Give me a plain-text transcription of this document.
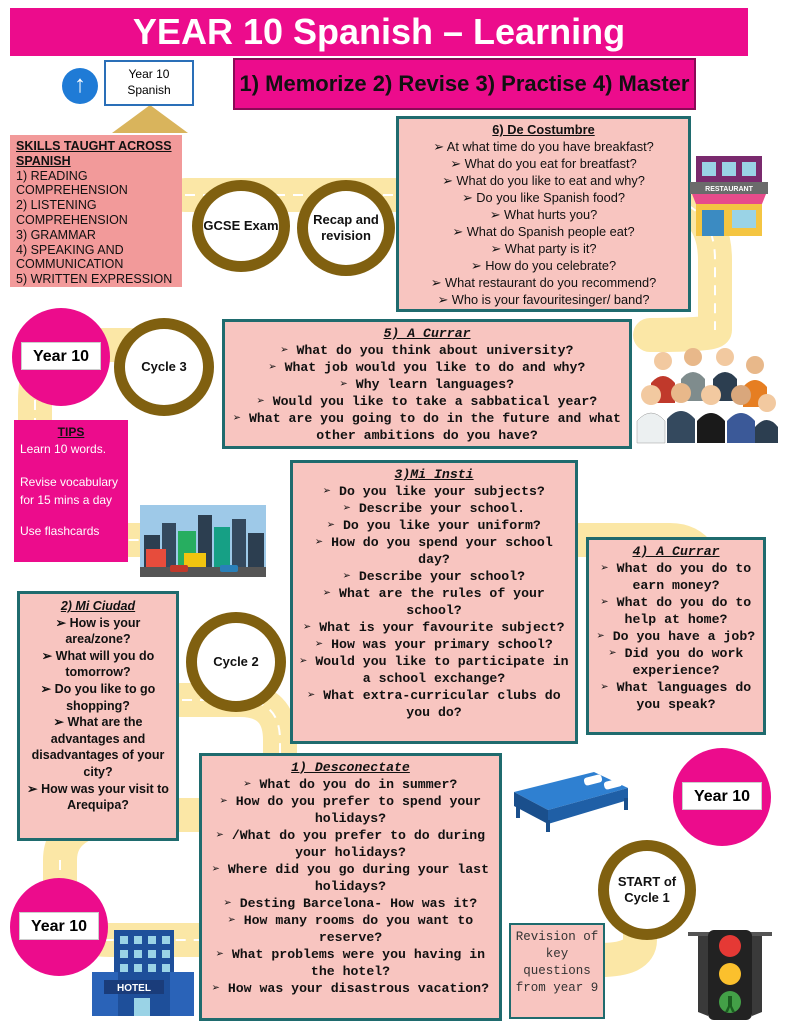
YEAR 10 Spanish – Learning
1) Memorize 2) Revise 3) Practise 4) Master
↑	Year 10
Spanish
SKILLS TAUGHT ACROSS SPANISH
1) READING COMPREHENSION
2) LISTENING COMPREHENSION
3) GRAMMAR
4) SPEAKING AND COMMUNICATION
5) WRITTEN EXPRESSION
GCSE Exam	Recap and revision
Cycle 3
Cycle 2
START of Cycle 1
Year 10
Year 10
Year 10
TIPS
Learn 10 words.
Revise vocabulary for 15 mins a day
Use flashcards
6) De Costumbre
➢ At what time do you have breakfast?
➢ What do you eat for breatfast?
➢ What do you like to eat and why?
➢ Do you like Spanish food?
➢ What hurts you?
➢ What do Spanish people eat?
➢ What party is it?
➢ How do you celebrate?
➢ What restaurant do you recommend?
➢ Who is your favouritesinger/ band?
5) A Currar
➢ What do you think about university?
➢ What job would you like to do and why?
➢ Why learn languages?
➢ Would you like to take a sabbatical year?
➢ What are you going to do in the future and what other ambitions do you have?
3)Mi Insti
➢ Do you like your subjects?
➢ Describe your school.
➢ Do you like your uniform?
➢ How do you spend your school day?
➢ Describe your school?
➢ What are the rules of your school?
➢ What is your favourite subject?
➢ How was your primary school?
➢ Would you like to participate in a school exchange?
➢ What extra-curricular clubs do you do?
4) A Currar
➢ What do you do to earn money?
➢ What do you do to help at home?
➢ Do you have a job?
➢ Did you do work experience?
➢ What languages do you speak?
2) Mi Ciudad
➢ How is your area/zone?
➢ What will you do tomorrow?
➢ Do you like to go shopping?
➢ What are the advantages and disadvantages of your city?
➢ How was your visit to Arequipa?
1) Desconectate
➢ What do you do in summer?
➢ How do you prefer to spend your holidays?
➢ /What do you prefer to do during your holidays?
➢ Where did you go during your last holidays?
➢ Desting Barcelona- How was it?
➢ How many rooms do you want to reserve?
➢ What problems were you having in the hotel?
➢ How was your disastrous vacation?
Revision of key questions from year 9
RESTAURANT
HOTEL
